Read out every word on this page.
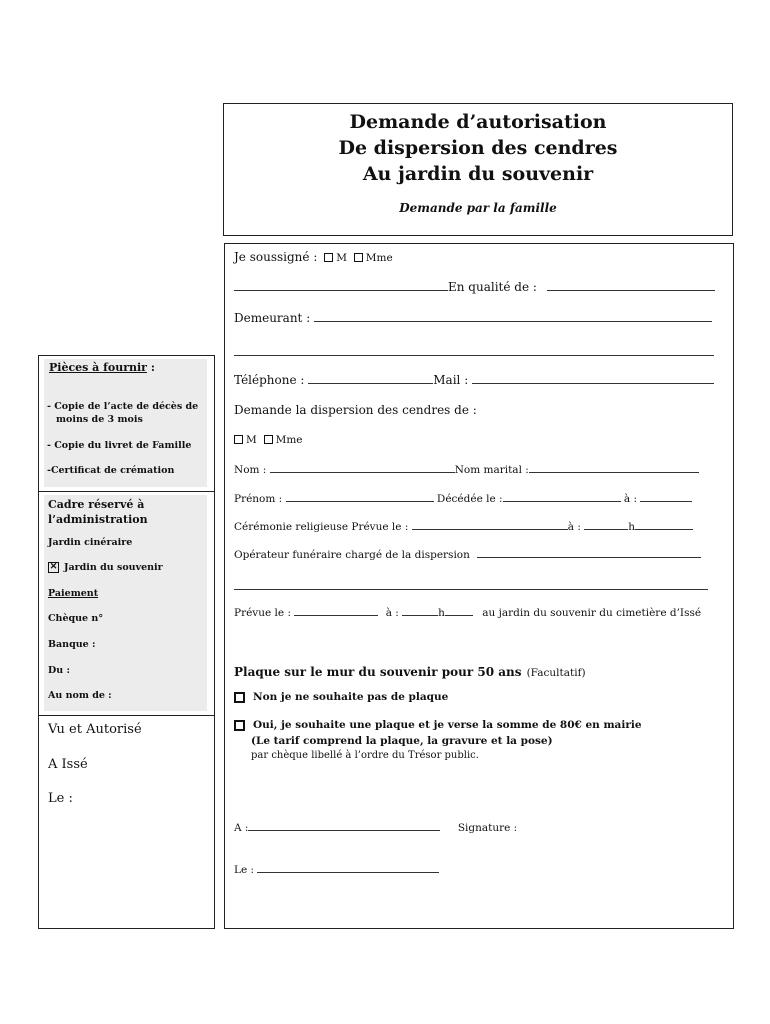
Demande d’autorisation
De dispersion des cendres
Au jardin du souvenir
Demande par la famille
Je soussigné : M Mme
En qualité de :
Demeurant :
Téléphone :	Mail :
Demande la dispersion des cendres de :
M Mme
Nom :	Nom marital :
Prénom :	Décédée le :	à :
Cérémonie religieuse Prévue le :	à :	h
Opérateur funéraire chargé de la dispersion
Prévue le :	à :	h	au jardin du souvenir du cimetière d’Issé
Plaque sur le mur du souvenir pour 50 ans (Facultatif)
Non je ne souhaite pas de plaque
Oui, je souhaite une plaque et je verse la somme de 80€ en mairie
(Le tarif comprend la plaque, la gravure et la pose)
par chèque libellé à l’ordre du Trésor public.
A :	Signature :
Le :
Pièces à fournir :
- Copie de l’acte de décès de
moins de 3 mois
- Copie du livret de Famille
-Certificat de crémation
Cadre réservé à
l’administration
Jardin cinéraire
✕ Jardin du souvenir
Paiement
Chèque n°
Banque :
Du :
Au nom de :
Vu et Autorisé
A Issé
Le :
